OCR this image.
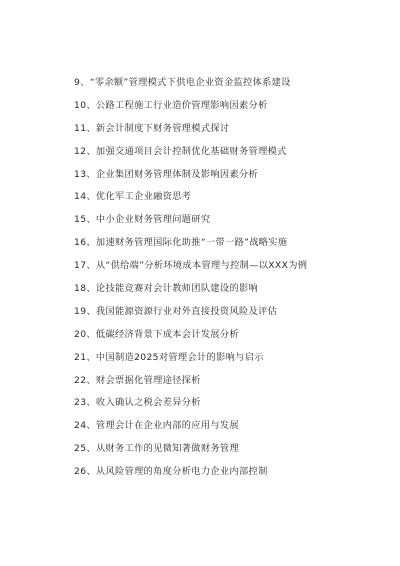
9、“零余额”管理模式下供电企业资金监控体系建设
10、公路工程施工行业造价管理影响因素分析
11、新会计制度下财务管理模式探讨
12、加强交通项目会计控制优化基础财务管理模式
13、企业集团财务管理体制及影响因素分析
14、优化军工企业融资思考
15、中小企业财务管理问题研究
16、加速财务管理国际化助推“一带一路”战略实施
17、从“供给端”分析环境成本管理与控制—以XXX为例
18、论技能竞赛对会计教师团队建设的影响
19、我国能源资源行业对外直接投资风险及评估
20、低碳经济背景下成本会计发展分析
21、中国制造2025对管理会计的影响与启示
22、财会票据化管理途径探析
23、收入确认之税会差异分析
24、管理会计在企业内部的应用与发展
25、从财务工作的见微知著做财务管理
26、从风险管理的角度分析电力企业内部控制
